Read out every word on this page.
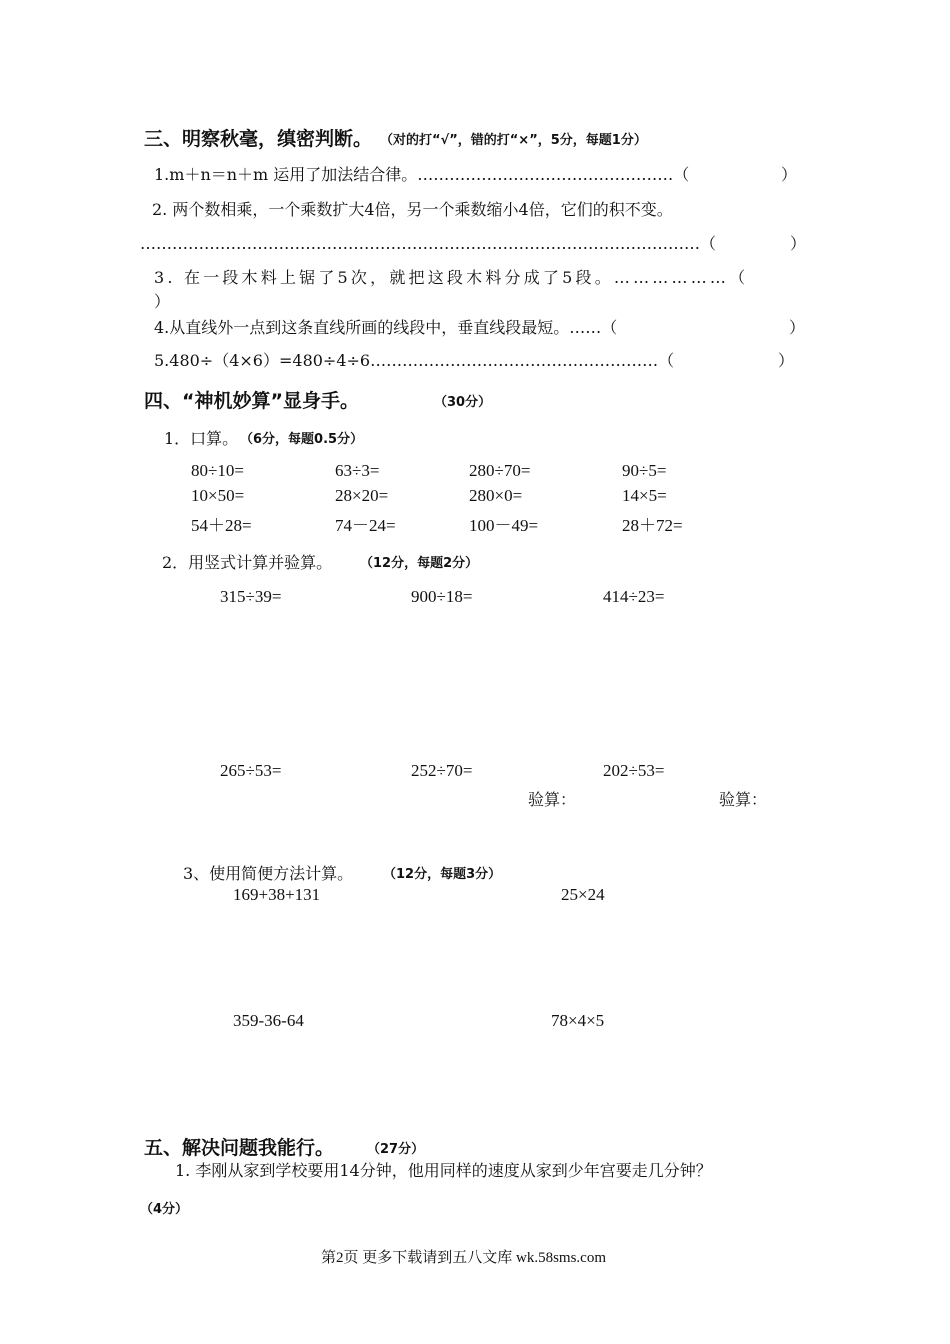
三、明察秋毫，缜密判断。 （对的打“√”，错的打“×”，5分，每题1分）
1.m＋n＝n＋m 运用了加法结合律。…………………………………………（	）
2. 两个数相乘，一个乘数扩大4倍，另一个乘数缩小4倍，它们的积不变。
……………………………………………………………………………………………（	）
3. 在一段木料上锯了5次，就把这段木料分成了5段。………………（
）
4.从直线外一点到这条直线所画的线段中，垂直线段最短。……（	）
5.480÷（4×6）=480÷4÷6………………………………………………（	）
四、“神机妙算”显身手。	（30分）
1．口算。 （6分，每题0.5分）
80÷10=	63÷3=	280÷70=	90÷5=
10×50=	28×20=	280×0=	14×5=
54＋28=	74－24=	100－49=	28＋72=
2．用竖式计算并验算。 （12分，每题2分）
315÷39=	900÷18=	414÷23=
265÷53=	252÷70=	202÷53=
验算：	验算：
3、使用简便方法计算。 （12分，每题3分）
169+38+131	25×24
359-36-64	78×4×5
五、解决问题我能行。	（27分）
1. 李刚从家到学校要用14分钟，他用同样的速度从家到少年宫要走几分钟？
（4分）
第2页 更多下载请到五八文库 wk.58sms.com
